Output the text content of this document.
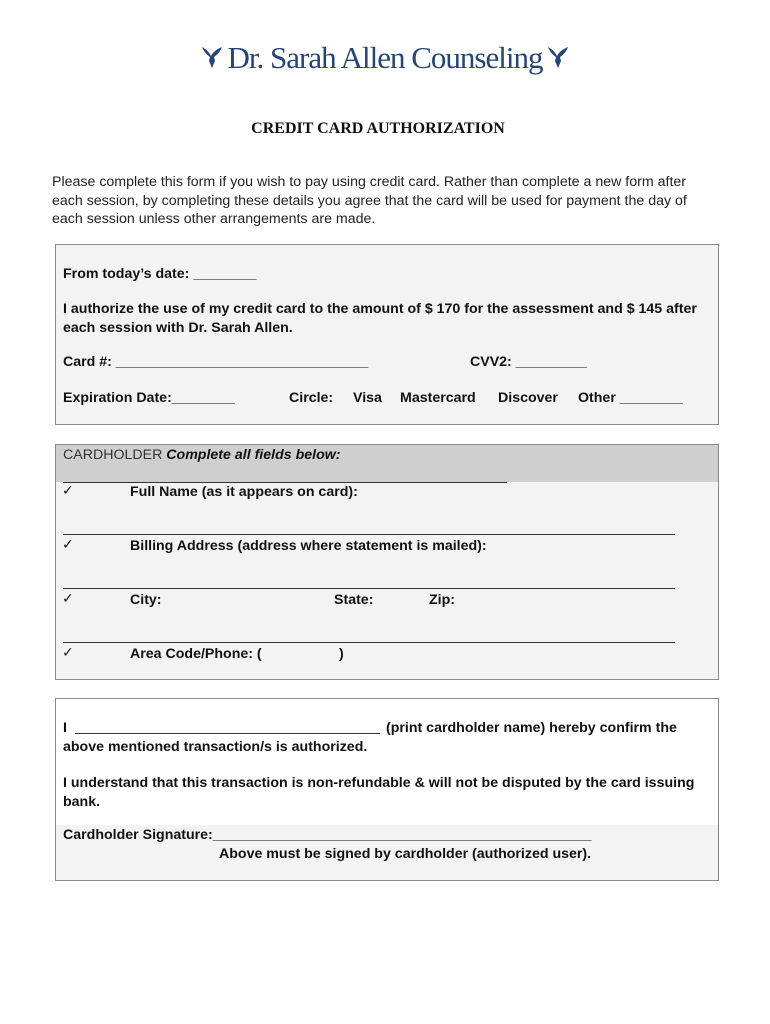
Dr. Sarah Allen Counseling
CREDIT CARD AUTHORIZATION
Please complete this form if you wish to pay using credit card. Rather than complete a new form after each session, by completing these details you agree that the card will be used for payment the day of each session unless other arrangements are made.
From today’s date: ________
I authorize the use of my credit card to the amount of $ 170 for the assessment and $ 145 after each session with Dr. Sarah Allen.
Card #: ________________________________	CVV2: _________
Expiration Date:________	Circle: Visa Mastercard Discover Other ________
CARDHOLDER Complete all fields below:
✓	Full Name (as it appears on card):
✓	Billing Address (address where statement is mailed):
✓	City:	State:	Zip:
✓	Area Code/Phone: (	)
I	(print cardholder name) hereby confirm the
above mentioned transaction/s is authorized.
I understand that this transaction is non-refundable & will not be disputed by the card issuing bank.
Cardholder Signature:________________________________________________
Above must be signed by cardholder (authorized user).
